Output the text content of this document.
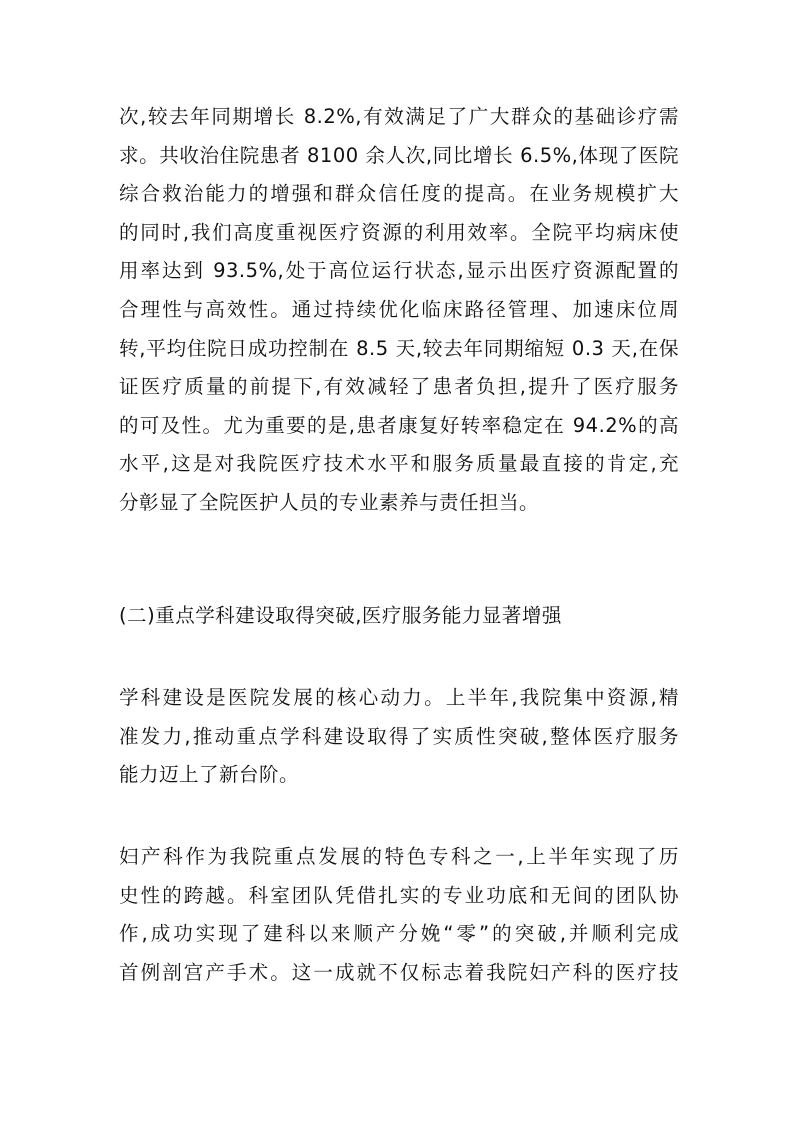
次,较去年同期增长 8.2%,有效满足了广大群众的基础诊疗需
求。共收治住院患者 8100 余人次,同比增长 6.5%,体现了医院
综合救治能力的增强和群众信任度的提高。在业务规模扩大
的同时,我们高度重视医疗资源的利用效率。全院平均病床使
用率达到 93.5%,处于高位运行状态,显示出医疗资源配置的
合理性与高效性。通过持续优化临床路径管理、加速床位周
转,平均住院日成功控制在 8.5 天,较去年同期缩短 0.3 天,在保
证医疗质量的前提下,有效减轻了患者负担,提升了医疗服务
的可及性。尤为重要的是,患者康复好转率稳定在 94.2%的高
水平,这是对我院医疗技术水平和服务质量最直接的肯定,充
分彰显了全院医护人员的专业素养与责任担当。
(二)重点学科建设取得突破,医疗服务能力显著增强
学科建设是医院发展的核心动力。上半年,我院集中资源,精
准发力,推动重点学科建设取得了实质性突破,整体医疗服务
能力迈上了新台阶。
妇产科作为我院重点发展的特色专科之一,上半年实现了历
史性的跨越。科室团队凭借扎实的专业功底和无间的团队协
作,成功实现了建科以来顺产分娩“零”的突破,并顺利完成
首例剖宫产手术。这一成就不仅标志着我院妇产科的医疗技
